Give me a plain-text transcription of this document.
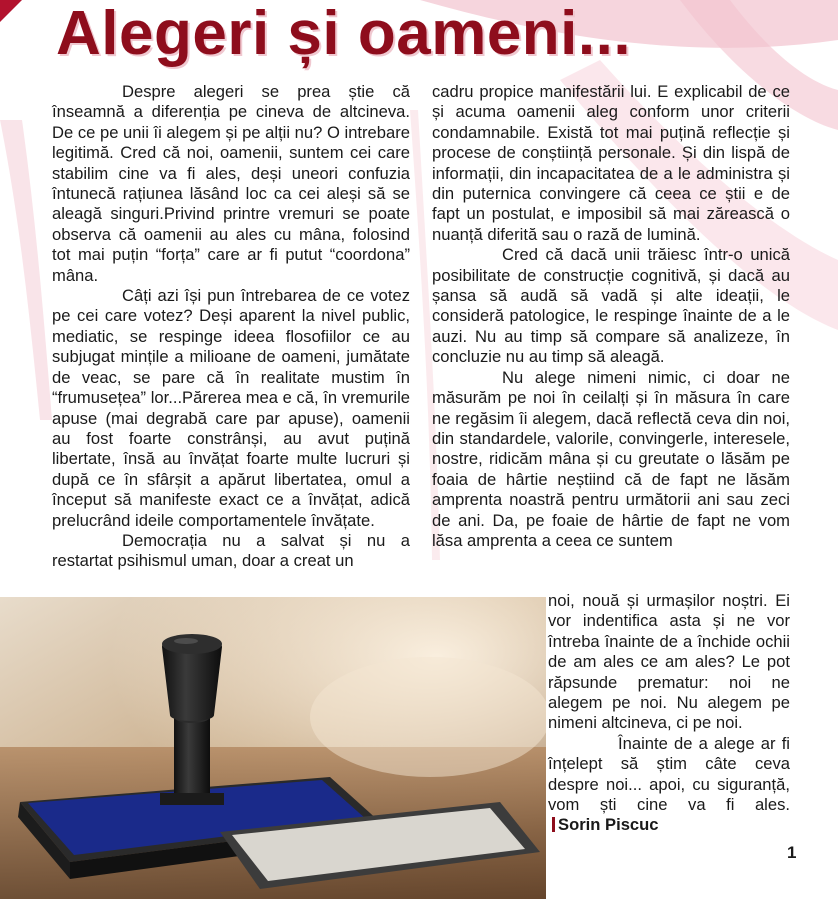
Alegeri și oameni...

Despre alegeri se prea știe că înseamnă a diferenția pe cineva de altcineva. De ce pe unii îi alegem și pe alții nu? O intrebare legitimă. Cred că noi, oamenii, suntem cei care stabilim cine va fi ales, deși uneori confuzia întunecă rațiunea lăsând loc ca cei aleși să se aleagă singuri.Privind printre vremuri se poate observa că oamenii au ales cu mâna, folosind tot mai puțin “forța” care ar fi putut “coordona” mâna.

Câți azi își pun întrebarea de ce votez pe cei care votez? Deși aparent la nivel public, mediatic, se respinge ideea flosofiilor ce au subjugat mințile a milioane de oameni, jumătate de veac, se pare că în realitate mustim în “frumusețea” lor...Părerea mea e că, în vremurile apuse (mai degrabă care par apuse), oamenii au fost foarte constrânși, au avut puțină libertate, însă au învățat foarte multe lucruri și după ce în sfârșit a apărut libertatea, omul a început să manifeste exact ce a învățat, adică prelucrând ideile comportamentele învățate.

Democrația nu a salvat și nu a restartat psihismul uman, doar a creat un

cadru propice manifestării lui. E explicabil de ce și acuma oamenii aleg conform unor criterii condamnabile. Există tot mai puțină reflecție și procese de conștiință personale. Și din lispă de informații, din incapacitatea de a le administra și din puternica convingere că ceea ce știi e de fapt un postulat, e imposibil să mai zărească o nuanță diferită sau o rază de lumină.

Cred că dacă unii trăiesc într-o unică posibilitate de construcție cognitivă, și dacă au șansa să audă să vadă și alte ideații, le consideră patologice, le respinge înainte de a le auzi. Nu au timp să compare să analizeze, în concluzie nu au timp să aleagă.

Nu alege nimeni nimic, ci doar ne măsurăm pe noi în ceilalți și în măsura în care ne regăsim îi alegem, dacă reflectă ceva din noi, din standardele, valorile, convingerle, interesele, nostre, ridicăm mâna și cu greutate o lăsăm pe foaia de hârtie neștiind că de fapt ne lăsăm amprenta noastră pentru următorii ani sau zeci de ani. Da, pe foaie de hârtie de fapt ne vom lăsa amprenta a ceea ce suntem

noi, nouă și urmașilor noștri. Ei vor indentifica asta și ne vor întreba înainte de a închide ochii de am ales ce am ales? Le pot răpsunde prematur: noi ne alegem pe noi. Nu alegem pe nimeni altcineva, ci pe noi.

Înainte de a alege ar fi înțelept să știm câte ceva despre noi... apoi, cu siguranță, vom ști cine va fi ales.Sorin Piscuc

1
